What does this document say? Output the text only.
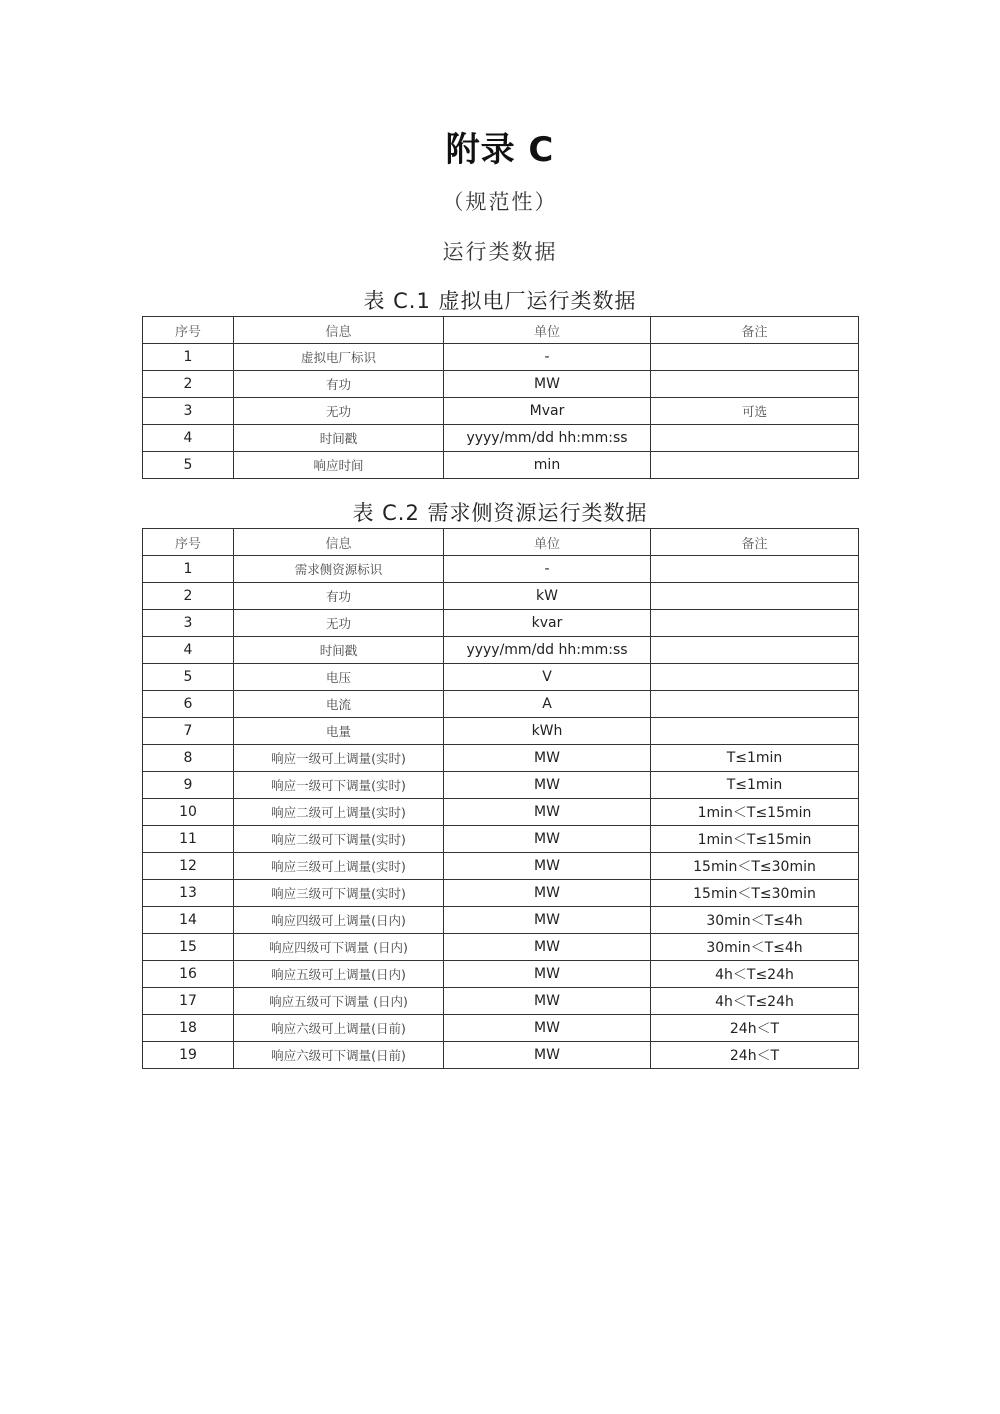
附录 C
（规范性）
运行类数据
表 C.1 虚拟电厂运行类数据
序号	信息	单位	备注
1	虚拟电厂标识	-	
2	有功	MW	
3	无功	Mvar	可选
4	时间戳	yyyy/mm/dd hh:mm:ss	
5	响应时间	min	
表 C.2 需求侧资源运行类数据
序号	信息	单位	备注
1	需求侧资源标识	-	
2	有功	kW	
3	无功	kvar	
4	时间戳	yyyy/mm/dd hh:mm:ss	
5	电压	V	
6	电流	A	
7	电量	kWh	
8	响应一级可上调量(实时)	MW	T≤1min
9	响应一级可下调量(实时)	MW	T≤1min
10	响应二级可上调量(实时)	MW	1min＜T≤15min
11	响应二级可下调量(实时)	MW	1min＜T≤15min
12	响应三级可上调量(实时)	MW	15min＜T≤30min
13	响应三级可下调量(实时)	MW	15min＜T≤30min
14	响应四级可上调量(日内)	MW	30min＜T≤4h
15	响应四级可下调量 (日内)	MW	30min＜T≤4h
16	响应五级可上调量(日内)	MW	4h＜T≤24h
17	响应五级可下调量 (日内)	MW	4h＜T≤24h
18	响应六级可上调量(日前)	MW	24h＜T
19	响应六级可下调量(日前)	MW	24h＜T
